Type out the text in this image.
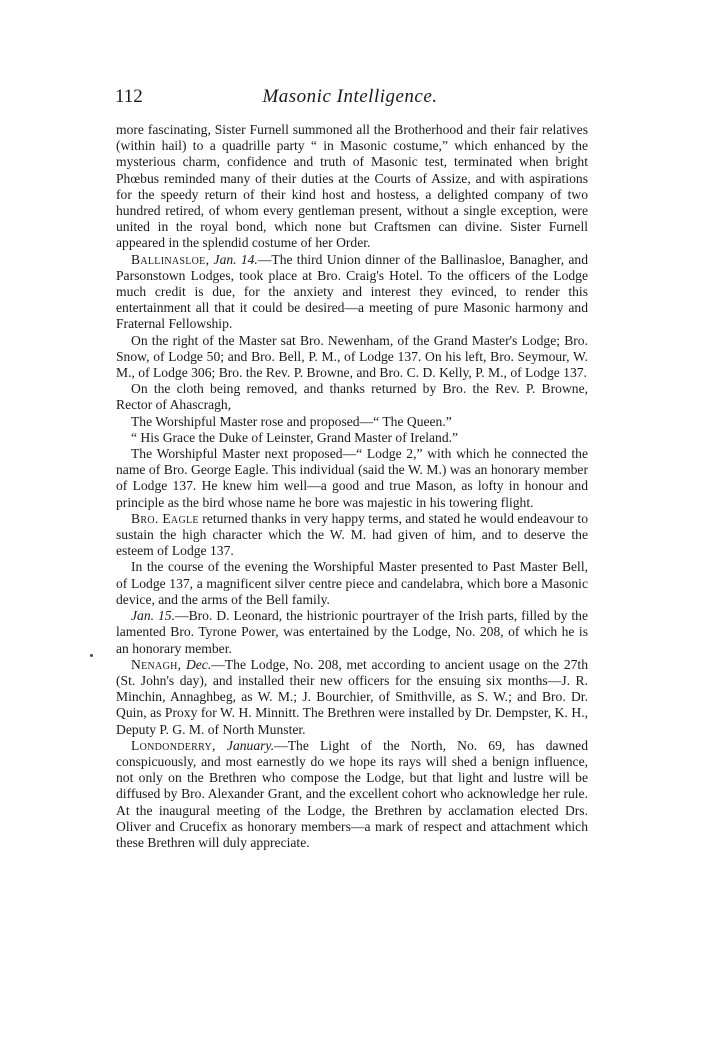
112	Masonic Intelligence.

more fascinating, Sister Furnell summoned all the Brotherhood and their fair relatives (within hail) to a quadrille party “ in Masonic costume,” which enhanced by the mysterious charm, confidence and truth of Masonic test, terminated when bright Phœbus reminded many of their duties at the Courts of Assize, and with aspirations for the speedy return of their kind host and hostess, a delighted company of two hundred retired, of whom every gentleman present, without a single exception, were united in the royal bond, which none but Craftsmen can divine. Sister Furnell appeared in the splendid costume of her Order.

Ballinasloe, Jan. 14.—The third Union dinner of the Ballinasloe, Banagher, and Parsonstown Lodges, took place at Bro. Craig's Hotel. To the officers of the Lodge much credit is due, for the anxiety and interest they evinced, to render this entertainment all that it could be desired—a meeting of pure Masonic harmony and Fraternal Fellowship.

On the right of the Master sat Bro. Newenham, of the Grand Master's Lodge; Bro. Snow, of Lodge 50; and Bro. Bell, P. M., of Lodge 137. On his left, Bro. Seymour, W. M., of Lodge 306; Bro. the Rev. P. Browne, and Bro. C. D. Kelly, P. M., of Lodge 137.

On the cloth being removed, and thanks returned by Bro. the Rev. P. Browne, Rector of Ahascragh,

The Worshipful Master rose and proposed—“ The Queen.”

“ His Grace the Duke of Leinster, Grand Master of Ireland.”

The Worshipful Master next proposed—“ Lodge 2,” with which he connected the name of Bro. George Eagle. This individual (said the W. M.) was an honorary member of Lodge 137. He knew him well—a good and true Mason, as lofty in honour and principle as the bird whose name he bore was majestic in his towering flight.

Bro. Eagle returned thanks in very happy terms, and stated he would endeavour to sustain the high character which the W. M. had given of him, and to deserve the esteem of Lodge 137.

In the course of the evening the Worshipful Master presented to Past Master Bell, of Lodge 137, a magnificent silver centre piece and candelabra, which bore a Masonic device, and the arms of the Bell family.

Jan. 15.—Bro. D. Leonard, the histrionic pourtrayer of the Irish parts, filled by the lamented Bro. Tyrone Power, was entertained by the Lodge, No. 208, of which he is an honorary member.

Nenagh, Dec.—The Lodge, No. 208, met according to ancient usage on the 27th (St. John's day), and installed their new officers for the ensuing six months—J. R. Minchin, Annaghbeg, as W. M.; J. Bourchier, of Smithville, as S. W.; and Bro. Dr. Quin, as Proxy for W. H. Minnitt. The Brethren were installed by Dr. Dempster, K. H., Deputy P. G. M. of North Munster.

Londonderry, January.—The Light of the North, No. 69, has dawned conspicuously, and most earnestly do we hope its rays will shed a benign influence, not only on the Brethren who compose the Lodge, but that light and lustre will be diffused by Bro. Alexander Grant, and the excellent cohort who acknowledge her rule. At the inaugural meeting of the Lodge, the Brethren by acclamation elected Drs. Oliver and Crucefix as honorary members—a mark of respect and attachment which these Brethren will duly appreciate.
